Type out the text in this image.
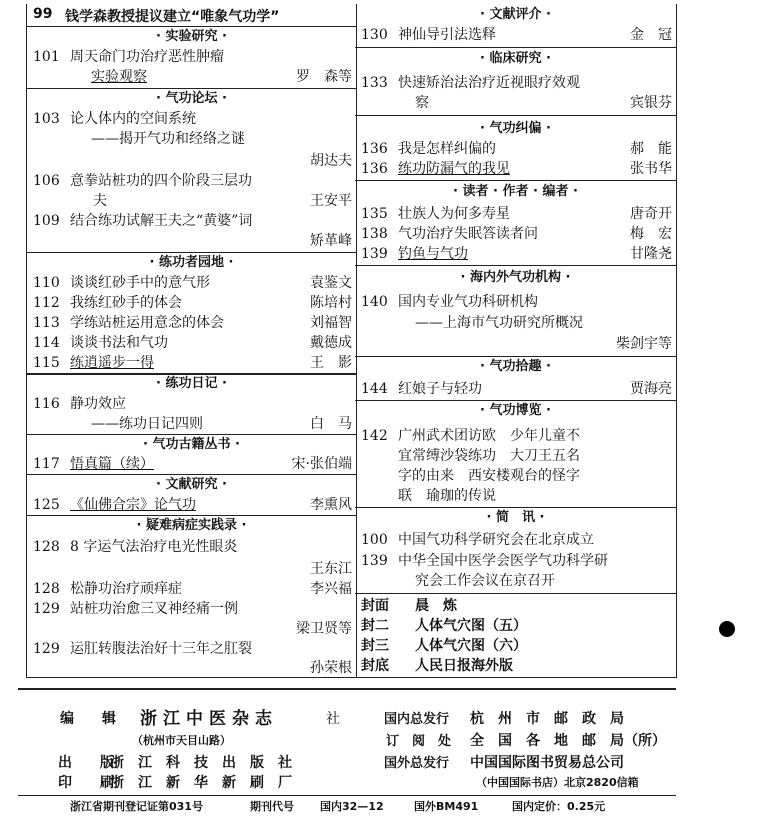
99 钱学森教授提议建立“唯象气功学”
· 实验研究 ·
101 周天命门功治疗恶性肿瘤
实验观察	罗　森等
· 气功论坛 ·
103 论人体内的空间系统
——揭开气功和经络之谜
胡达夫
106 意拳站桩功的四个阶段三层功
夫	王安平
109 结合练功试解王夫之“黄婆”词
矫革峰
· 练功者园地 ·
110 谈谈红砂手中的意气形	袁鉴文
112 我练红砂手的体会	陈培村
113 学练站桩运用意念的体会	刘福智
114 谈谈书法和气功	戴德成
115 练逍遥步一得	王　影
· 练功日记 ·
116 静功效应
——练功日记四则	白　马
· 气功古籍丛书 ·
117 悟真篇（续）	宋·张伯端
· 文献研究 ·
125 《仙佛合宗》论气功	李熏风
· 疑难病症实践录 ·
128 8 字运气法治疗电光性眼炎
王东江
128 松静功治疗顽痒症	李兴福
129 站桩功治愈三叉神经痛一例
梁卫贤等
129 运肛转腹法治好十三年之肛裂
孙荣根
· 文献评介 ·
130 神仙导引法选释	金　冠
· 临床研究 ·
133 快速矫治法治疗近视眼疗效观
察	宾银芬
· 气功纠偏 ·
136 我是怎样纠偏的	郝　能
136 练功防漏气的我见	张书华
· 读者 · 作者 · 编者 ·
135 壮族人为何多寿星	唐奇开
138 气功治疗失眠答读者问	梅　宏
139 钓鱼与气功	甘隆尧
· 海内外气功机构 ·
140 国内专业气功科研机构
——上海市气功研究所概况
柴剑宇等
· 气功拾趣 ·
144 红娘子与轻功	贾海亮
· 气功博览 ·
142 广州武术团访欧　少年儿童不
宜常缚沙袋练功　大刀王五名
字的由来　西安楼观台的怪字
联　瑜珈的传说
· 简　讯 ·
100 中国气功科学研究会在北京成立
139 中华全国中医学会医学气功科学研
究会工作会议在京召开
封面 晨　炼
封二 人体气穴图（五）
封三 人体气穴图（六）
封底 人民日报海外版
编　　辑 浙江中医杂志	社
（杭州市天目山路）
出　　版
浙　江　科　技　出　版　社
印　　刷
浙　江　新　华　新　刷　厂
国内总发行 杭　州　市　邮　政　局
订　阅　处 全　国　各　地　邮　局（所）
国外总发行 中国国际图书贸易总公司
（中国国际书店）北京2820信箱
浙江省期刊登记证第031号	期刊代号 国内32—12	国外BM491	国内定价：0.25元
